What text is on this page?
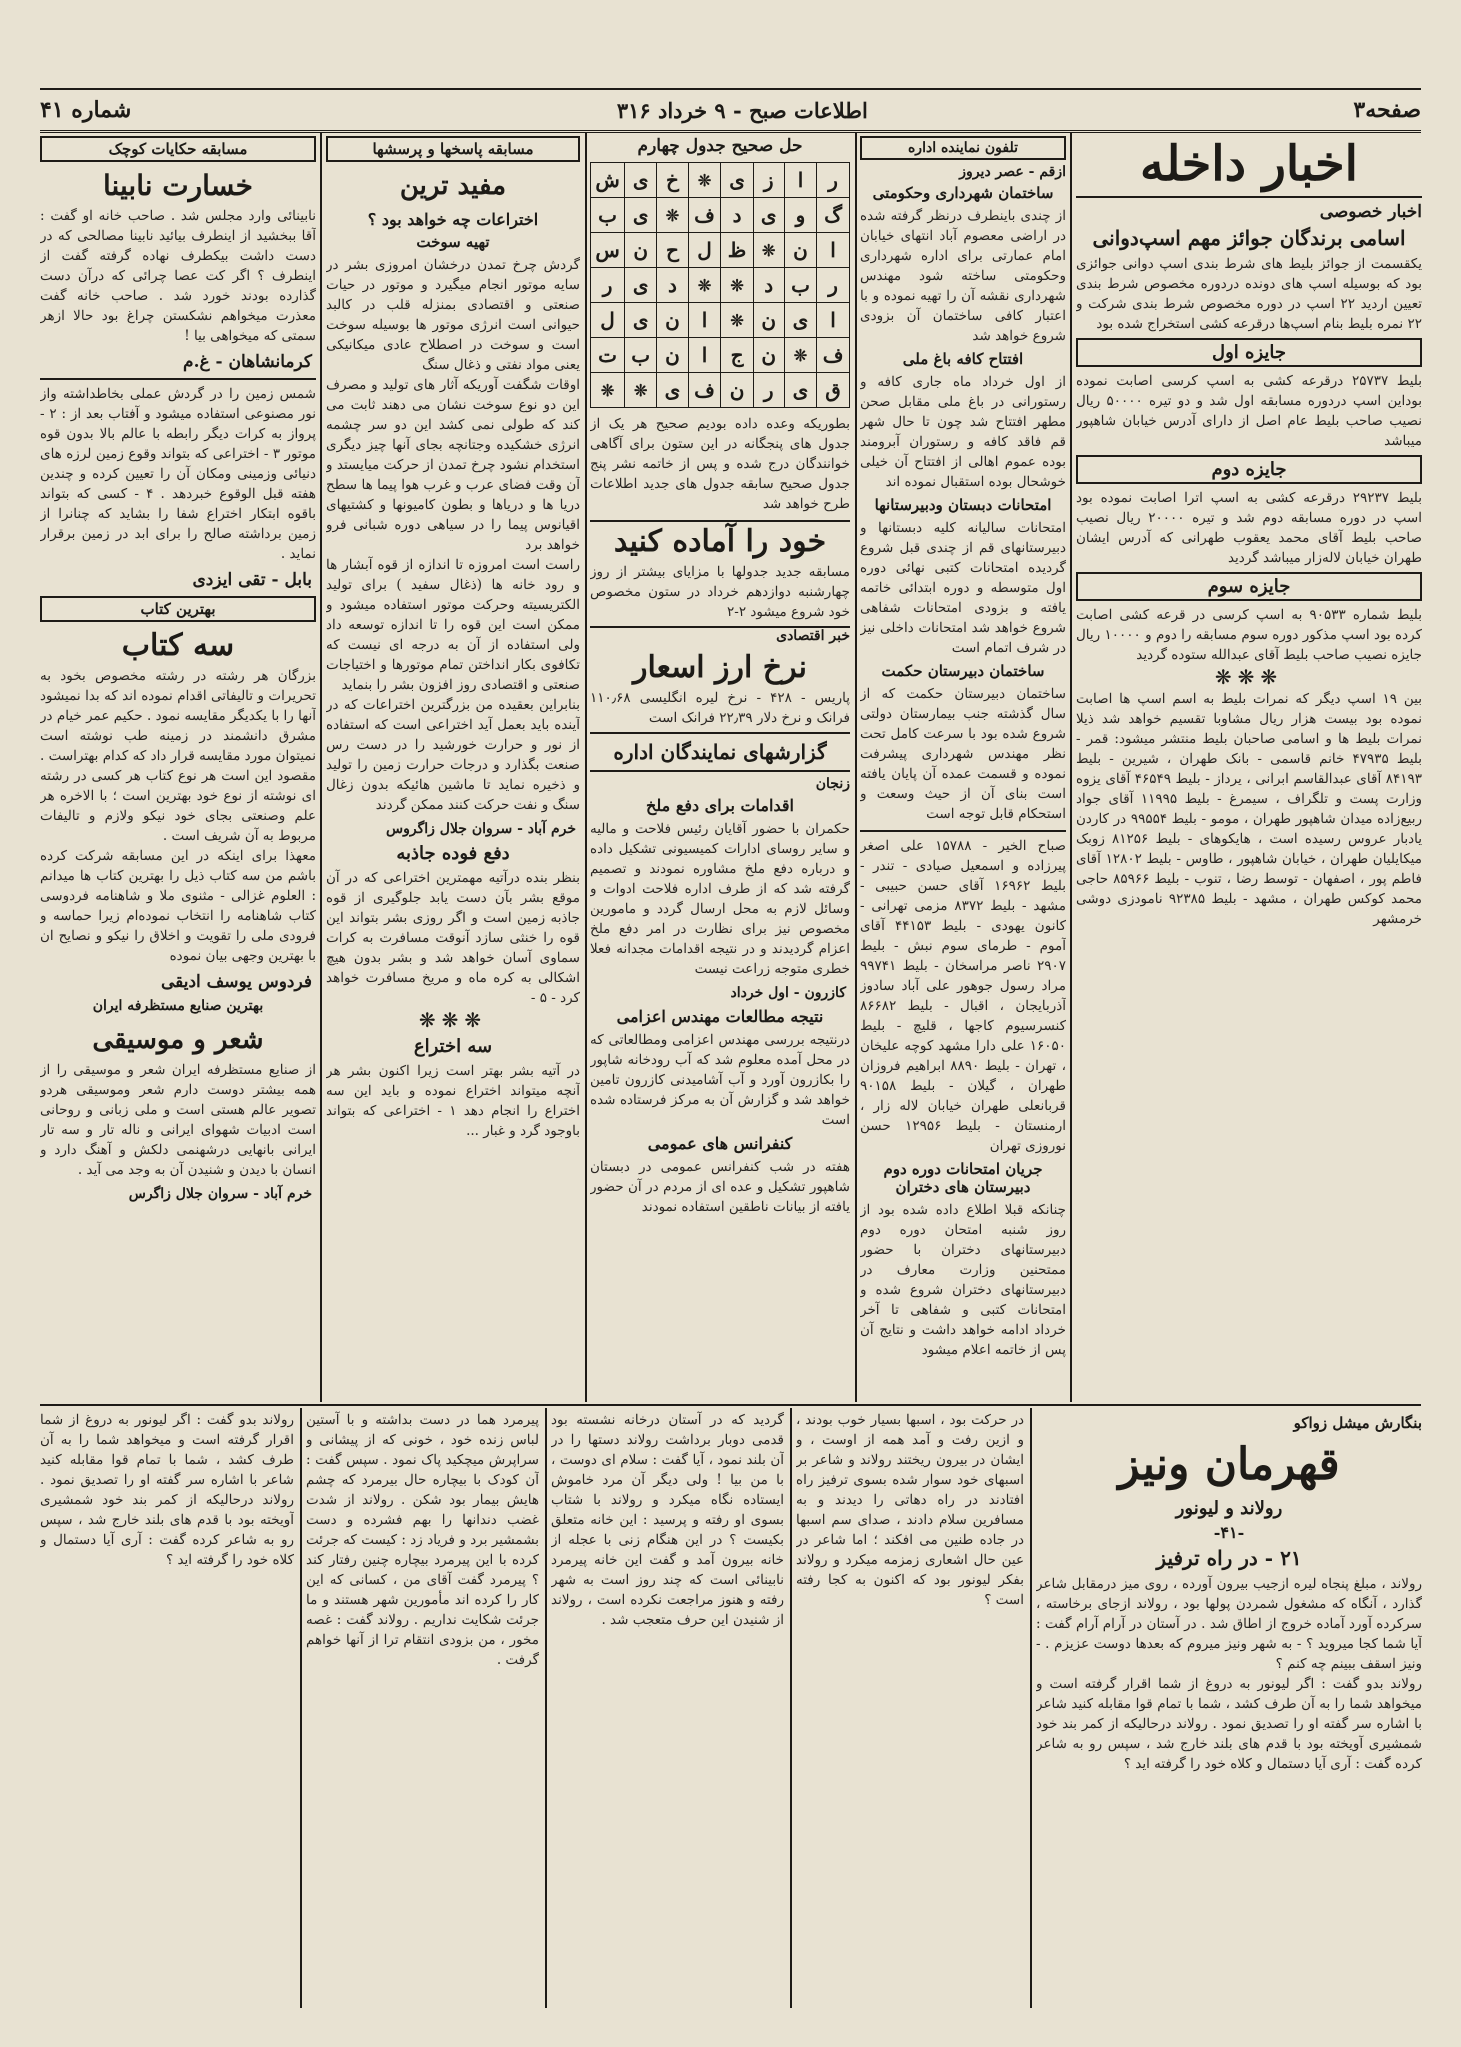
صفحه۳
اطلاعات صبح - ۹ خرداد ۳۱۶
شماره ۴۱
اخبار داخله
اخبار خصوصی
اسامی برندگان جوائز مهم اسپ‌دوانی
یکقسمت از جوائز بلیط های شرط بندی اسپ دوانی جوائزی بود که بوسیله اسپ های دونده دردوره مخصوص شرط بندی تعیین اردید ۲۲ اسپ در دوره مخصوص شرط بندی شرکت و ۲۲ نمره بلیط بنام اسپ‌ها درقرعه کشی استخراج شده بود
جایزه اول
بلیط ۲۵۷۳۷ درقرعه کشی به اسپ کرسی اصابت نموده بوداین اسپ دردوره مسابقه اول شد و دو تیره ۵۰۰۰۰ ریال نصیب صاحب بلیط عام اصل از دارای آدرس خیابان شاهپور میباشد
جایزه دوم
بلیط ۲۹۲۳۷ درقرعه کشی به اسپ اترا اصابت نموده بود اسپ در دوره مسابقه دوم شد و تیره ۲۰۰۰۰ ریال نصیب صاحب بلیط آقای محمد یعقوب طهرانی که آدرس ایشان طهران خیابان لاله‌زار میباشد گردید
جایزه سوم
بلیط شماره ۹۰۵۳۳ به اسپ کرسی در قرعه کشی اصابت کرده بود اسپ مذکور دوره سوم مسابقه را دوم و ۱۰۰۰۰ ریال جایزه نصیب صاحب بلیط آقای عبدالله ستوده گردید
❋❋❋
بین ۱۹ اسپ دیگر که نمرات بلیط به اسم اسپ ها اصابت نموده بود بیست هزار ریال مشاوبا تقسیم خواهد شد ذیلا نمرات بلیط ها و اسامی صاحبان بلیط منتشر میشود: قمر - بلیط ۴۷۹۳۵ خانم قاسمی - بانک طهران ، شیرین - بلیط ۸۴۱۹۳ آقای عبدالقاسم ابرانی ، یرداز - بلیط ۴۶۵۴۹ آقای یزوه وزارت پست و تلگراف ، سیمرغ - بلیط ۱۱۹۹۵ آقای جواد ربیع‌زاده میدان شاهپور طهران ، مومو - بلیط ۹۹۵۵۴ در کاردن یادبار عروس رسیده است ، هایکوهای - بلیط ۸۱۲۵۶ زوبک میکایلیان طهران ، خیابان شاهپور ، طاوس - بلیط ۱۲۸۰۲ آقای فاطم پور ، اصفهان - توسط رضا ، تنوب - بلیط ۸۵۹۶۶ حاجی محمد کوکس طهران ، مشهد - بلیط ۹۲۳۸۵ نامودزی دوشی خرمشهر
تلفون نماینده اداره
ازقم - عصر دیروز
ساختمان شهرداری وحکومتی
از چندی باینطرف درنظر گرفته شده در اراضی معصوم آباد انتهای خیابان امام عمارتی برای اداره شهرداری وحکومتی ساخته شود مهندس شهرداری نقشه آن را تهیه نموده و با اعتبار کافی ساختمان آن بزودی شروع خواهد شد
افتتاح کافه باغ ملی
از اول خرداد ماه جاری کافه و رستورانی در باغ ملی مقابل صحن مطهر افتتاح شد چون تا حال شهر قم فاقد کافه و رستوران آبرومند بوده عموم اهالی از افتتاح آن خیلی خوشحال بوده استقبال نموده اند
امتحانات دبستان ودبیرستانها
امتحانات سالیانه کلیه دبستانها و دبیرستانهای قم از چندی قبل شروع گردیده امتحانات کتبی نهائی دوره اول متوسطه و دوره ابتدائی خاتمه یافته و بزودی امتحانات شفاهی شروع خواهد شد امتحانات داخلی نیز در شرف اتمام است
ساختمان دبیرستان حکمت
ساختمان دبیرستان حکمت که از سال گذشته جنب بیمارستان دولتی شروع شده بود با سرعت کامل تحت نظر مهندس شهرداری پیشرفت نموده و قسمت عمده آن پایان یافته است بنای آن از حیث وسعت و استحکام قابل توجه است
صباح الخیر - ۱۵۷۸۸ علی اصغر پیرزاده و اسمعیل صیادی - تندر - بلیط ۱۶۹۶۲ آقای حسن حبیبی - مشهد - بلیط ۸۳۷۲ مزمی تهرانی - کانون یهودی - بلیط ۴۴۱۵۳ آقای آموم - طرمای سوم نبش - بلیط ۲۹۰۷ ناصر مراسخان - بلیط ۹۹۷۴۱ مراد رسول جوهور علی آباد سادوز آذربایجان ، اقبال - بلیط ۸۶۶۸۲ کنسرسیوم کاجها ، قلیچ - بلیط ۱۶۰۵۰ علی دارا مشهد کوچه علیخان ، تهران - بلیط ۸۸۹۰ ابراهیم فروزان طهران ، گیلان - بلیط ۹۰۱۵۸ قربانعلی طهران خیابان لاله زار ، ارمنستان - بلیط ۱۲۹۵۶ حسن نوروزی تهران
جریان امتحانات دوره دوم دبیرستان های دختران
چنانکه قبلا اطلاع داده شده بود از روز شنبه امتحان دوره دوم دبیرستانهای دختران با حضور ممتحنین وزارت معارف در دبیرستانهای دختران شروع شده و امتحانات کتبی و شفاهی تا آخر خرداد ادامه خواهد داشت و نتایج آن پس از خاتمه اعلام میشود
حل صحیح جدول چهارم
ر	ا	ز	ی	❊	خ	ی	ش
گ	و	ی	د	ف	❊	ی	ب
ا	ن	❊	ظ	ل	ح	ن	س
ر	ب	د	❊	❊	د	ی	ر
ا	ی	ن	❊	ا	ن	ی	ل
ف	❊	ن	ج	ا	ن	ب	ت
ق	ی	ر	ن	ف	ی	❊	❊
بطوریکه وعده داده بودیم صحیح هر یک از جدول های پنجگانه در این ستون برای آگاهی خوانندگان درج شده و پس از خاتمه نشر پنج جدول صحیح سابقه جدول های جدید اطلاعات طرح خواهد شد
خود را آماده کنید
مسابقه جدید جدولها با مزایای بیشتر از روز چهارشنبه دوازدهم خرداد در ستون مخصوص خود شروع میشود ۲-۲
خبر اقتصادی
نرخ ارز اسعار
پاریس - ۴۲۸ - نرخ لیره انگلیسی ۱۱۰٫۶۸ فرانک و نرخ دلار ۲۲٫۳۹ فرانک است
گزارشهای نمایندگان اداره
زنجان
اقدامات برای دفع ملخ
حکمران با حضور آقایان رئیس فلاحت و مالیه و سایر روسای ادارات کمیسیونی تشکیل داده و درباره دفع ملخ مشاوره نمودند و تصمیم گرفته شد که از طرف اداره فلاحت ادوات و وسائل لازم به محل ارسال گردد و مامورین مخصوص نیز برای نظارت در امر دفع ملخ اعزام گردیدند و در نتیجه اقدامات مجدانه فعلا خطری متوجه زراعت نیست
کازرون - اول خرداد
نتیجه مطالعات مهندس اعزامی
درنتیجه بررسی مهندس اعزامی ومطالعاتی که در محل آمده معلوم شد که آب رودخانه شاپور را بکازرون آورد و آب آشامیدنی کازرون تامین خواهد شد و گزارش آن به مرکز فرستاده شده است
کنفرانس های عمومی
هفته در شب کنفرانس عمومی در دبستان شاهپور تشکیل و عده ای از مردم در آن حضور یافته از بیانات ناطقین استفاده نمودند
مسابقه پاسخها و پرسشها
مفید ترین
اختراعات چه خواهد بود ؟
تهیه سوخت
گردش چرخ تمدن درخشان امروزی بشر در سایه موتور انجام میگیرد و موتور در حیات صنعتی و اقتصادی بمنزله قلب در کالبد حیوانی است انرژی موتور ها بوسیله سوخت است و سوخت در اصطلاح عادی میکانیکی یعنی مواد نفتی و ذغال سنگ
اوقات شگفت آوریکه آثار های تولید و مصرف این دو نوع سوخت نشان می دهند ثابت می کند که طولی نمی کشد این دو سر چشمه انرژی خشکیده وجتانچه بجای آنها چیز دیگری استخدام نشود چرخ تمدن از حرکت میایستد و آن وقت فضای عرب و غرب هوا پیما ها سطح دریا ها و دریاها و بطون کامیونها و کشتیهای اقیانوس پیما را در سیاهی دوره شبانی فرو خواهد برد
راست است امروزه تا اندازه از قوه آبشار ها و رود خانه ها (ذغال سفید ) برای تولید الکتریسیته وحرکت موتور استفاده میشود و ممکن است این قوه را تا اندازه توسعه داد ولی استفاده از آن به درجه ای نیست که تکافوی بکار انداختن تمام موتورها و اختیاجات صنعتی و اقتصادی روز افزون بشر را بنماید
بنابراین بعقیده من بزرگترین اختراعات که در آینده باید بعمل آید اختراعی است که استفاده از نور و حرارت خورشید را در دست رس صنعت بگذارد و درجات حرارت زمین را تولید و ذخیره نماید تا ماشین هائیکه بدون زغال سنگ و نفت حرکت کنند ممکن گردند
خرم آباد - سروان جلال زاگروس
دفع فوده جاذبه
بنظر بنده درآتیه مهمترین اختراعی که در آن موقع بشر بآن دست یابد جلوگیری از قوه جاذبه زمین است و اگر روزی بشر بتواند این قوه را خنثی سازد آنوقت مسافرت به کرات سماوی آسان خواهد شد و بشر بدون هیچ اشکالی به کره ماه و مریخ مسافرت خواهد کرد - ۵ -
❋❋❋
سه اختراع
در آتیه بشر بهتر است زیرا اکنون بشر هر آنچه میتواند اختراع نموده و باید این سه اختراع را انجام دهد ۱ - اختراعی که بتواند باوجود گرد و غبار ...
مسابقه حکایات کوچک
خسارت نابینا
نابینائی وارد مجلس شد . صاحب خانه او گفت : آقا ببخشید از اینطرف بیائید نابینا مصالحی که در دست داشت بیکطرف نهاده گرفته گفت از اینطرف ؟ اگر کت عصا چرائی که درآن دست گذارده بودند خورد شد . صاحب خانه گفت معذرت میخواهم نشکستن چراغ بود حالا ازهر سمتی که میخواهی بیا !
کرمانشاهان - غ.م
شمس زمین را در گردش عملی بخاطداشته واز نور مصنوعی استفاده میشود و آفتاب بعد از : ۲ - پرواز به کرات دیگر رابطه با عالم بالا بدون قوه موتور ۳ - اختراعی که بتواند وقوع زمین لرزه های دنیائی وزمینی ومکان آن را تعیین کرده و چندین هفته قبل الوقوع خبردهد . ۴ - کسی که بتواند باقوه ابتکار اختراع شفا را بشاید که چنانرا از زمین برداشته صالح را برای ابد در زمین برقرار نماید .
بابل - تقی ایزدی
بهترین کتاب
سه کتاب
بزرگان هر رشته در رشته مخصوص بخود به تحریرات و تالیفاتی اقدام نموده اند که بدا نمیشود آنها را با یکدیگر مقایسه نمود . حکیم عمر خیام در مشرق دانشمند در زمینه طب نوشته است نمیتوان مورد مقایسه قرار داد که کدام بهتراست . مقصود این است هر نوع کتاب هر کسی در رشته ای نوشته از نوع خود بهترین است ؛ با الاخره هر علم وصنعتی بجای خود نیکو ولازم و تالیفات مربوط به آن شریف است .
معهذا برای اینکه در این مسابقه شرکت کرده باشم من سه کتاب ذیل را بهترین کتاب ها میدانم : العلوم غزالی - مثنوی ملا و شاهنامه فردوسی کتاب شاهنامه را انتخاب نموده‌ام زیرا حماسه و فرودی ملی را تقویت و اخلاق را نیکو و نصایح ان با بهترین وجهی بیان نموده
فردوس یوسف ادیقی
بهترین صنایع مستظرفه ایران
شعر و موسیقی
از صنایع مستظرفه ایران شعر و موسیقی را از همه بیشتر دوست دارم شعر وموسیقی هردو تصویر عالم هستی است و ملی زبانی و روحانی است ادبیات شهوای ایرانی و ناله تار و سه تار ایرانی بانهایی درشهنمی دلکش و آهنگ دارد و انسان با دیدن و شنیدن آن به وجد می آید .
خرم آباد - سروان جلال زاگرس
بنگارش میشل زواکو
قهرمان ونیز
رولاند و لیونور
-۴۱-
۲۱ - در راه ترفیز
رولاند ، مبلغ پنجاه لیره ازجیب بیرون آورده ، روی میز درمقابل شاعر گذارد ، آنگاه که مشغول شمردن پولها بود ، رولاند ازجای برخاسته ، سرکرده آورد آماده خروج از اطاق شد . در آستان در آرام آرام گفت : آیا شما کجا میروید ؟ - به شهر ونیز میروم که بعدها دوست عزیزم . - ونیز اسقف ببینم چه کنم ؟
رولاند بدو گفت : اگر لیونور به دروغ از شما اقرار گرفته است و میخواهد شما را به آن طرف کشد ، شما با تمام قوا مقابله کنید شاعر با اشاره سر گفته او را تصدیق نمود . رولاند درحالیکه از کمر بند خود شمشیری آویخته بود با قدم های بلند خارج شد ، سپس رو به شاعر کرده گفت : آری آیا دستمال و کلاه خود را گرفته اید ؟
در حرکت بود ، اسبها بسیار خوب بودند ، و ازین رفت و آمد همه از اوست ، و ایشان در بیرون ریختند رولاند و شاعر بر اسبهای خود سوار شده بسوی ترفیز راه افتادند در راه دهاتی را دیدند و به مسافرین سلام دادند ، صدای سم اسبها در جاده طنین می افکند ؛ اما شاعر در عین حال اشعاری زمزمه میکرد و رولاند بفکر لیونور بود که اکنون به کجا رفته است ؟
گردید که در آستان درخانه نشسته بود قدمی دوبار برداشت رولاند دستها را در آن بلند نمود ، آیا گفت : سلام ای دوست ، با من بیا ! ولی دیگر آن مرد خاموش ایستاده نگاه میکرد و رولاند با شتاب بسوی او رفته و پرسید : این خانه متعلق بکیست ؟ در این هنگام زنی با عجله از خانه بیرون آمد و گفت این خانه پیرمرد نابینائی است که چند روز است به شهر رفته و هنوز مراجعت نکرده است ، رولاند از شنیدن این حرف متعجب شد .
پیرمرد هما در دست بداشته و با آستین لباس زنده خود ، خونی که از پیشانی و سراپرش میچکید پاک نمود . سپس گفت : آن کودک با بیچاره حال بیرمرد که چشم هایش بیمار بود شکن . رولاند از شدت غضب دندانها را بهم فشرده و دست بشمشیر برد و فریاد زد : کیست که جرئت کرده با این پیرمرد بیچاره چنین رفتار کند ؟ پیرمرد گفت آقای من ، کسانی که این کار را کرده اند مأمورین شهر هستند و ما جرئت شکایت نداریم . رولاند گفت : غصه مخور ، من بزودی انتقام ترا از آنها خواهم گرفت .
رولاند بدو گفت : اگر لیونور به دروغ از شما اقرار گرفته است و میخواهد شما را به آن طرف کشد ، شما با تمام قوا مقابله کنید شاعر با اشاره سر گفته او را تصدیق نمود . رولاند درحالیکه از کمر بند خود شمشیری آویخته بود با قدم های بلند خارج شد ، سپس رو به شاعر کرده گفت : آری آیا دستمال و کلاه خود را گرفته اید ؟
